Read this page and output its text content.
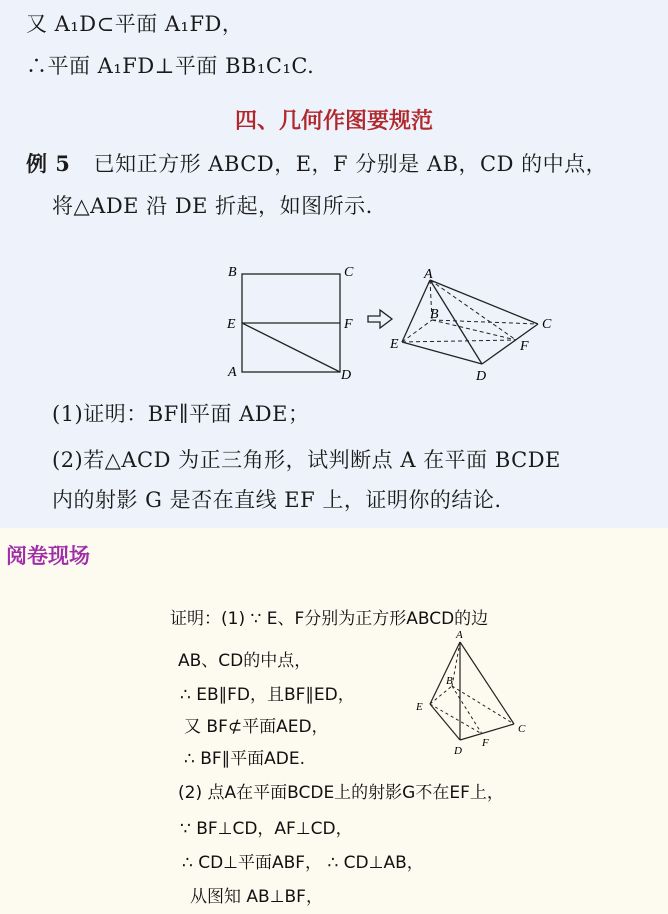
又 A₁D⊂平面 A₁FD，
∴平面 A₁FD⊥平面 BB₁C₁C.
四、几何作图要规范
例 5 已知正方形 ABCD，E，F 分别是 AB，CD 的中点，
将△ADE 沿 DE 折起，如图所示.
B	C
E	F
A	D
A
B
C
E	F
D
(1)证明：BF∥平面 ADE；
(2)若△ACD 为正三角形，试判断点 A 在平面 BCDE
内的射影 G 是否在直线 EF 上，证明你的结论.
阅卷现场
证明：(1) ∵ E、F分别为正方形ABCD的边
AB、CD的中点，
∴ EB∥FD，且BF∥ED，
又 BF⊄平面AED，
∴ BF∥平面ADE.
(2) 点A在平面BCDE上的射影G不在EF上，
∵ BF⊥CD，AF⊥CD，
∴ CD⊥平面ABF， ∴ CD⊥AB，
从图知 AB⊥BF，
A
B
E
C
D
F
